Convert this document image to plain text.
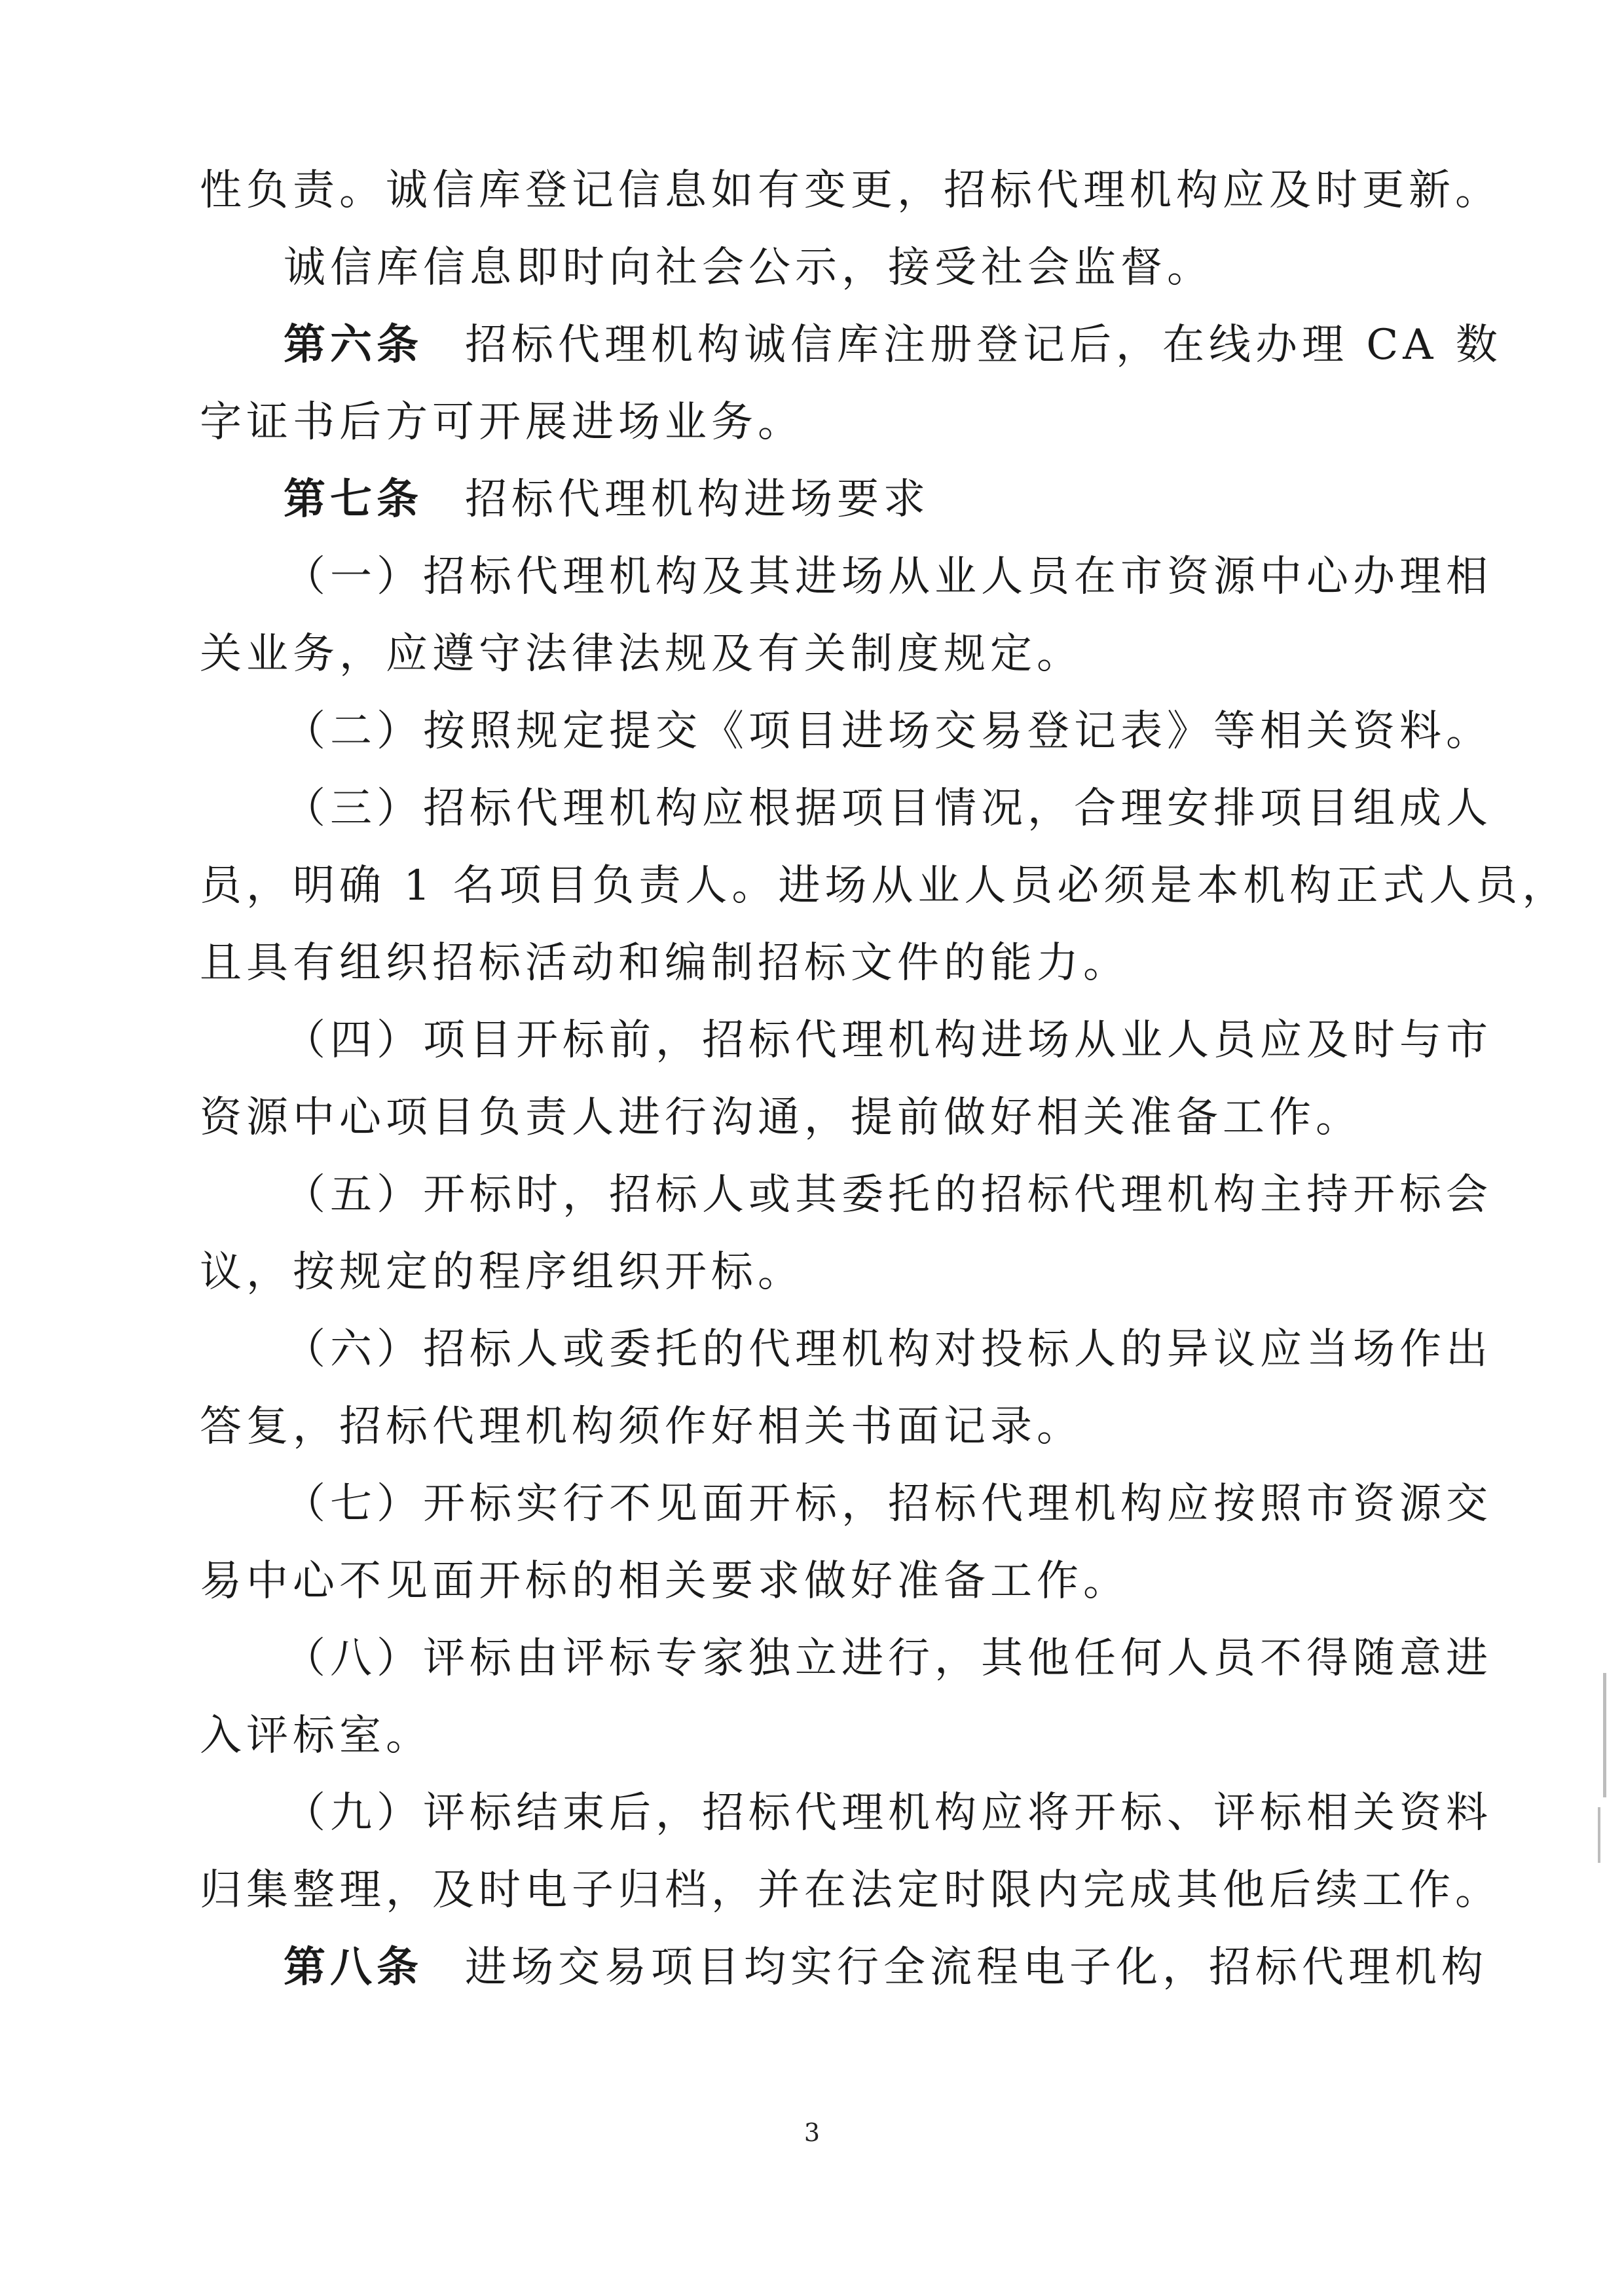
性负责。诚信库登记信息如有变更，招标代理机构应及时更新。
诚信库信息即时向社会公示，接受社会监督。
第六条 招标代理机构诚信库注册登记后，在线办理 CA 数
字证书后方可开展进场业务。
第七条 招标代理机构进场要求
（一）招标代理机构及其进场从业人员在市资源中心办理相
关业务，应遵守法律法规及有关制度规定。
（二）按照规定提交《项目进场交易登记表》等相关资料。
（三）招标代理机构应根据项目情况，合理安排项目组成人
员，明确 1 名项目负责人。进场从业人员必须是本机构正式人员，
且具有组织招标活动和编制招标文件的能力。
（四）项目开标前，招标代理机构进场从业人员应及时与市
资源中心项目负责人进行沟通，提前做好相关准备工作。
（五）开标时，招标人或其委托的招标代理机构主持开标会
议，按规定的程序组织开标。
（六）招标人或委托的代理机构对投标人的异议应当场作出
答复，招标代理机构须作好相关书面记录。
（七）开标实行不见面开标，招标代理机构应按照市资源交
易中心不见面开标的相关要求做好准备工作。
（八）评标由评标专家独立进行，其他任何人员不得随意进
入评标室。
（九）评标结束后，招标代理机构应将开标、评标相关资料
归集整理，及时电子归档，并在法定时限内完成其他后续工作。
第八条 进场交易项目均实行全流程电子化，招标代理机构
3
